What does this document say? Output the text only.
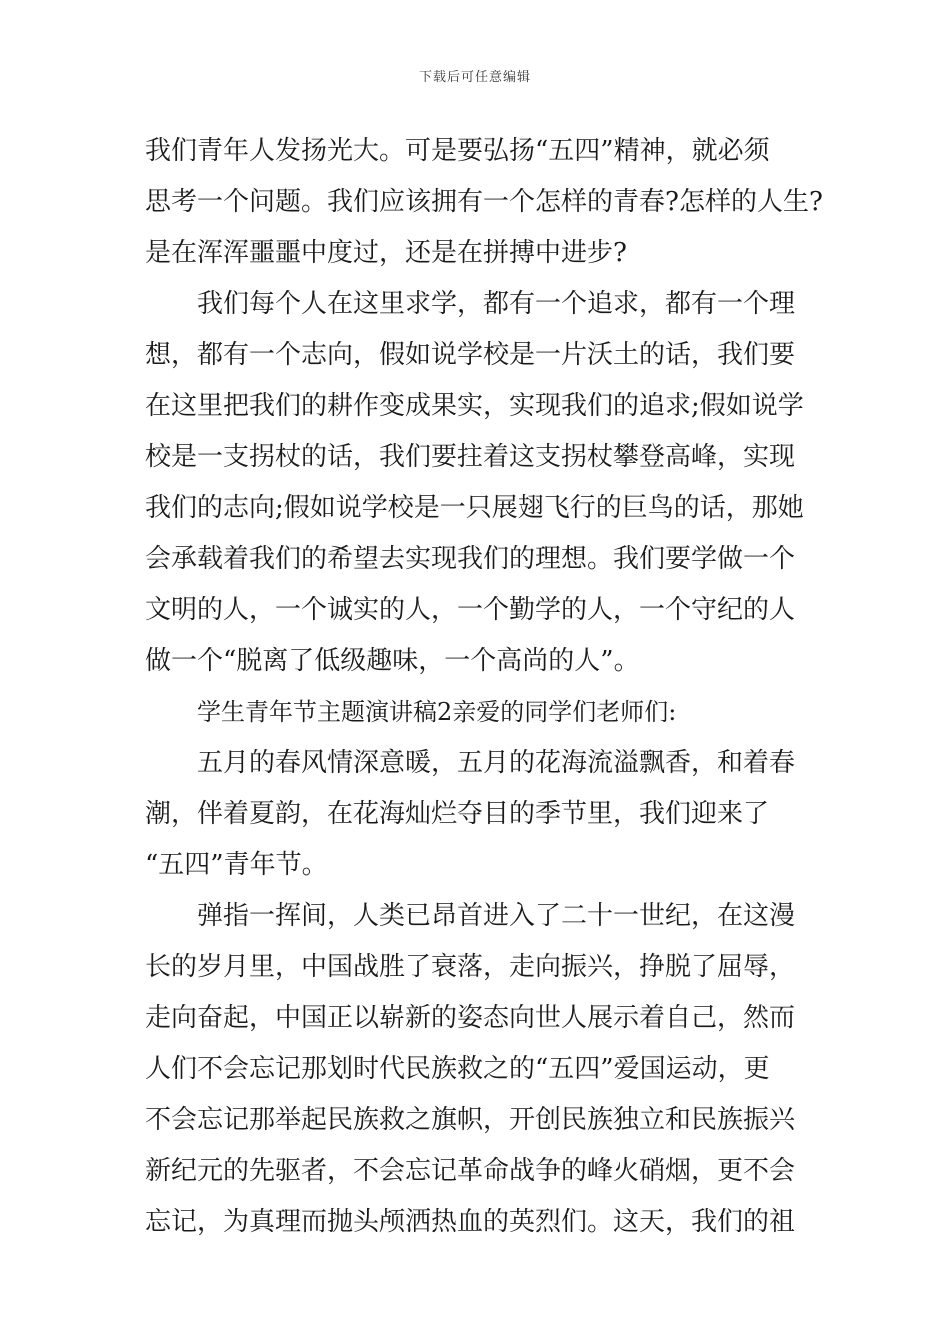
下载后可任意编辑
我们青年人发扬光大。可是要弘扬“五四”精神，就必须
思考一个问题。我们应该拥有一个怎样的青春?怎样的人生?
是在浑浑噩噩中度过，还是在拼搏中进步?
我们每个人在这里求学，都有一个追求，都有一个理
想，都有一个志向，假如说学校是一片沃土的话，我们要
在这里把我们的耕作变成果实，实现我们的追求;假如说学
校是一支拐杖的话，我们要拄着这支拐杖攀登高峰，实现
我们的志向;假如说学校是一只展翅飞行的巨鸟的话，那她
会承载着我们的希望去实现我们的理想。我们要学做一个
文明的人，一个诚实的人，一个勤学的人，一个守纪的人
做一个“脱离了低级趣味，一个高尚的人”。
学生青年节主题演讲稿2亲爱的同学们老师们:
五月的春风情深意暖，五月的花海流溢飘香，和着春
潮，伴着夏韵，在花海灿烂夺目的季节里，我们迎来了
“五四”青年节。
弹指一挥间，人类已昂首进入了二十一世纪，在这漫
长的岁月里，中国战胜了衰落，走向振兴，挣脱了屈辱，
走向奋起，中国正以崭新的姿态向世人展示着自己，然而
人们不会忘记那划时代民族救之的“五四”爱国运动，更
不会忘记那举起民族救之旗帜，开创民族独立和民族振兴
新纪元的先驱者，不会忘记革命战争的峰火硝烟，更不会
忘记，为真理而抛头颅洒热血的英烈们。这天，我们的祖
